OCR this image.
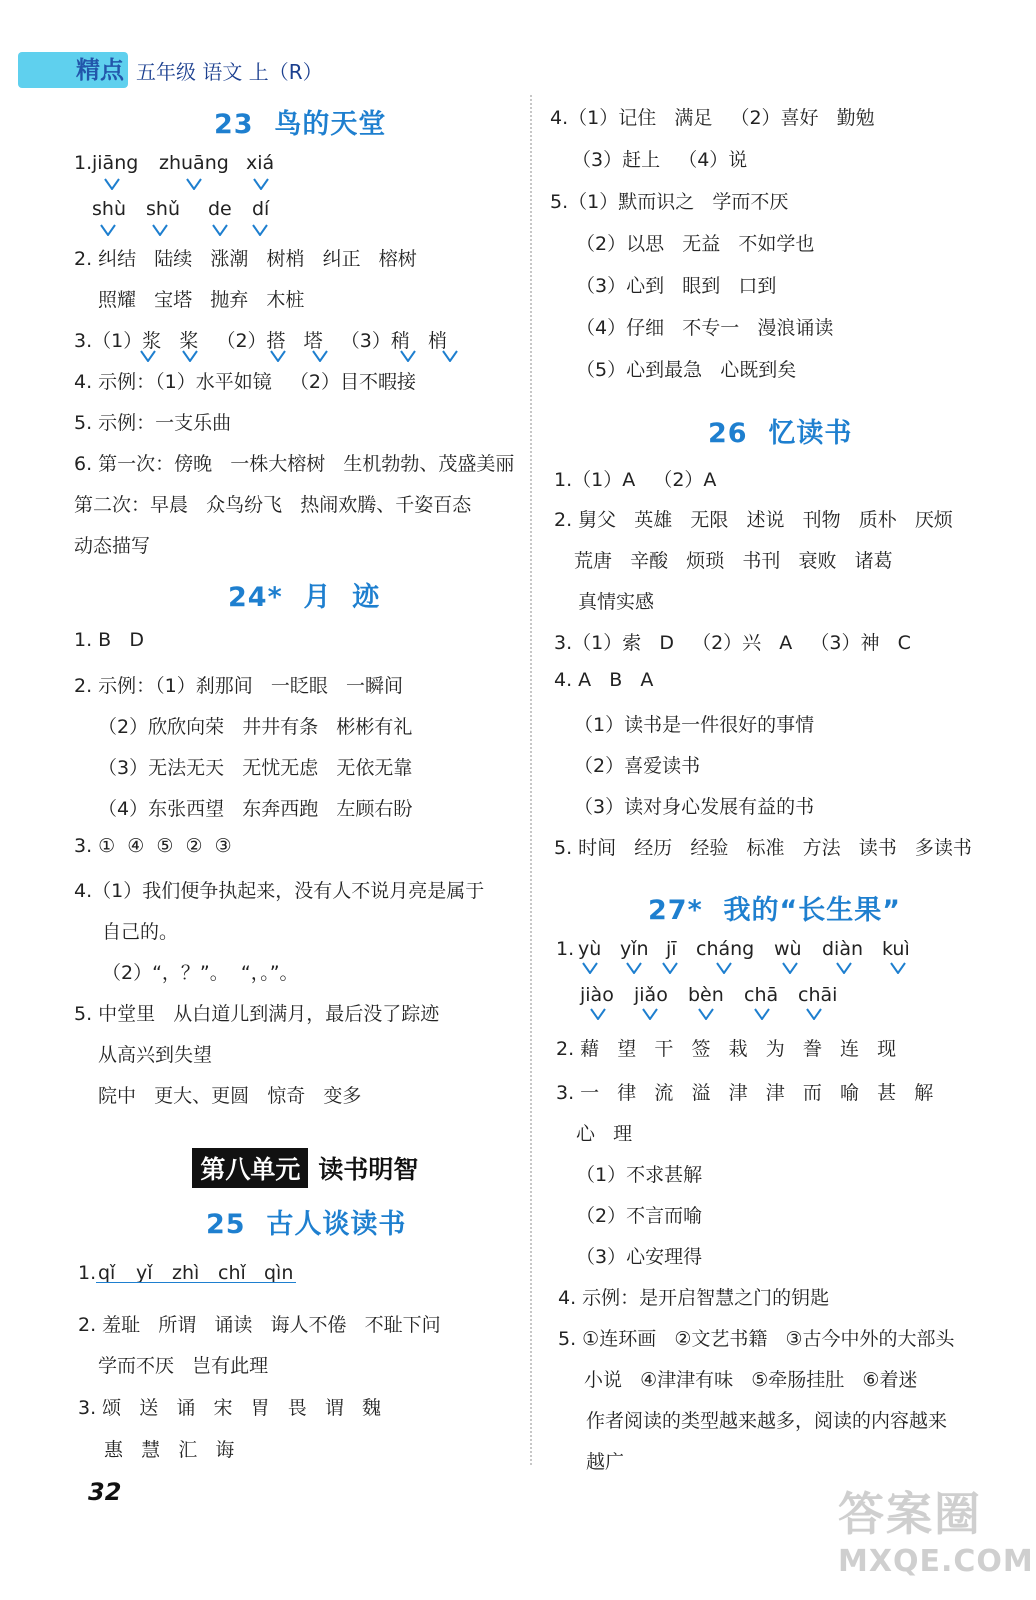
精点 五年级 语文 上（R）
23  鸟的天堂
1. jiāng zhuāng xiá
shù shǔ de dí
2. 纠结   陆续   涨潮   树梢   纠正   榕树
照耀   宝塔   抛弃   木桩
3.（1）浆   桨   （2）搭   塔   （3）稍   梢
4. 示例：（1）水平如镜   （2）目不暇接
5. 示例：一支乐曲
6. 第一次：傍晚   一株大榕树   生机勃勃、茂盛美丽
第二次：早晨   众鸟纷飞   热闹欢腾、千姿百态
动态描写
24*  月  迹
1. B   D
2. 示例：（1）刹那间   一眨眼   一瞬间
（2）欣欣向荣   井井有条   彬彬有礼
（3）无法无天   无忧无虑   无依无靠
（4）东张西望   东奔西跑   左顾右盼
3. ①  ④  ⑤  ②  ③
4.（1）我们便争执起来，没有人不说月亮是属于
自己的。
（2）“，？”。  “，。”。
5. 中堂里   从白道儿到满月，最后没了踪迹
从高兴到失望
院中   更大、更圆   惊奇   变多

第八单元 读书明智

25  古人谈读书
1. qǐ yǐ zhì chǐ qìn
2. 羞耻   所谓   诵读   诲人不倦   不耻下问
学而不厌   岂有此理
3. 颂   送   诵   宋   胃   畏   谓   魏
惠   慧   汇   诲
32
4.（1）记住   满足   （2）喜好   勤勉
（3）赶上   （4）说
5.（1）默而识之   学而不厌
（2）以思   无益   不如学也
（3）心到   眼到   口到
（4）仔细   不专一   漫浪诵读
（5）心到最急   心既到矣
26  忆读书
1.（1）A   （2）A
2. 舅父   英雄   无限   述说   刊物   质朴   厌烦
荒唐   辛酸   烦琐   书刊   衰败   诸葛
真情实感
3.（1）索   D   （2）兴   A   （3）神   C
4. A   B   A
（1）读书是一件很好的事情
（2）喜爱读书
（3）读对身心发展有益的书
5. 时间   经历   经验   标准   方法   读书   多读书
27*  我的“长生果”
1. yù yǐn jī cháng wù diàn kuì
jiào jiǎo bèn chā chāi
2. 藉   望   干   签   栽   为   誊   连   现
3. 一   律   流   溢   津   津   而   喻   甚   解
心   理
（1）不求甚解
（2）不言而喻
（3）心安理得
4. 示例：是开启智慧之门的钥匙
5. ①连环画   ②文艺书籍   ③古今中外的大部头
小说   ④津津有味   ⑤牵肠挂肚   ⑥着迷
作者阅读的类型越来越多，阅读的内容越来
越广
答案圈
MXQE.COM
